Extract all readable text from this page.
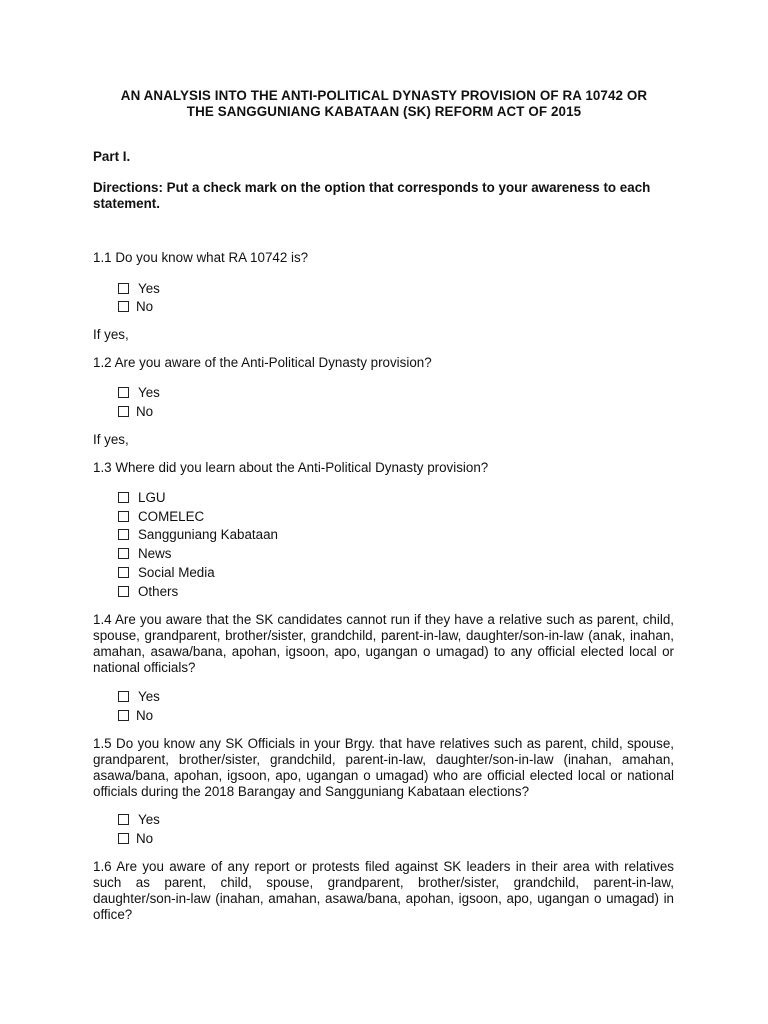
AN ANALYSIS INTO THE ANTI-POLITICAL DYNASTY PROVISION OF RA 10742 OR
THE SANGGUNIANG KABATAAN (SK) REFORM ACT OF 2015
Part I.
Directions: Put a check mark on the option that corresponds to your awareness to each statement.
1.1 Do you know what RA 10742 is?
Yes
No
If yes,
1.2 Are you aware of the Anti-Political Dynasty provision?
Yes
No
If yes,
1.3 Where did you learn about the Anti-Political Dynasty provision?
LGU
COMELEC
Sangguniang Kabataan
News
Social Media
Others
1.4 Are you aware that the SK candidates cannot run if they have a relative such as parent, child, spouse, grandparent, brother/sister, grandchild, parent-in-law, daughter/son-in-law (anak, inahan, amahan, asawa/bana, apohan, igsoon, apo, ugangan o umagad) to any official elected local or national officials?
Yes
No
1.5 Do you know any SK Officials in your Brgy. that have relatives such as parent, child, spouse, grandparent, brother/sister, grandchild, parent-in-law, daughter/son-in-law (inahan, amahan, asawa/bana, apohan, igsoon, apo, ugangan o umagad) who are official elected local or national officials during the 2018 Barangay and Sangguniang Kabataan elections?
Yes
No
1.6 Are you aware of any report or protests filed against SK leaders in their area with relatives such as parent, child, spouse, grandparent, brother/sister, grandchild, parent-in-law, daughter/son-in-law (inahan, amahan, asawa/bana, apohan, igsoon, apo, ugangan o umagad) in office?
